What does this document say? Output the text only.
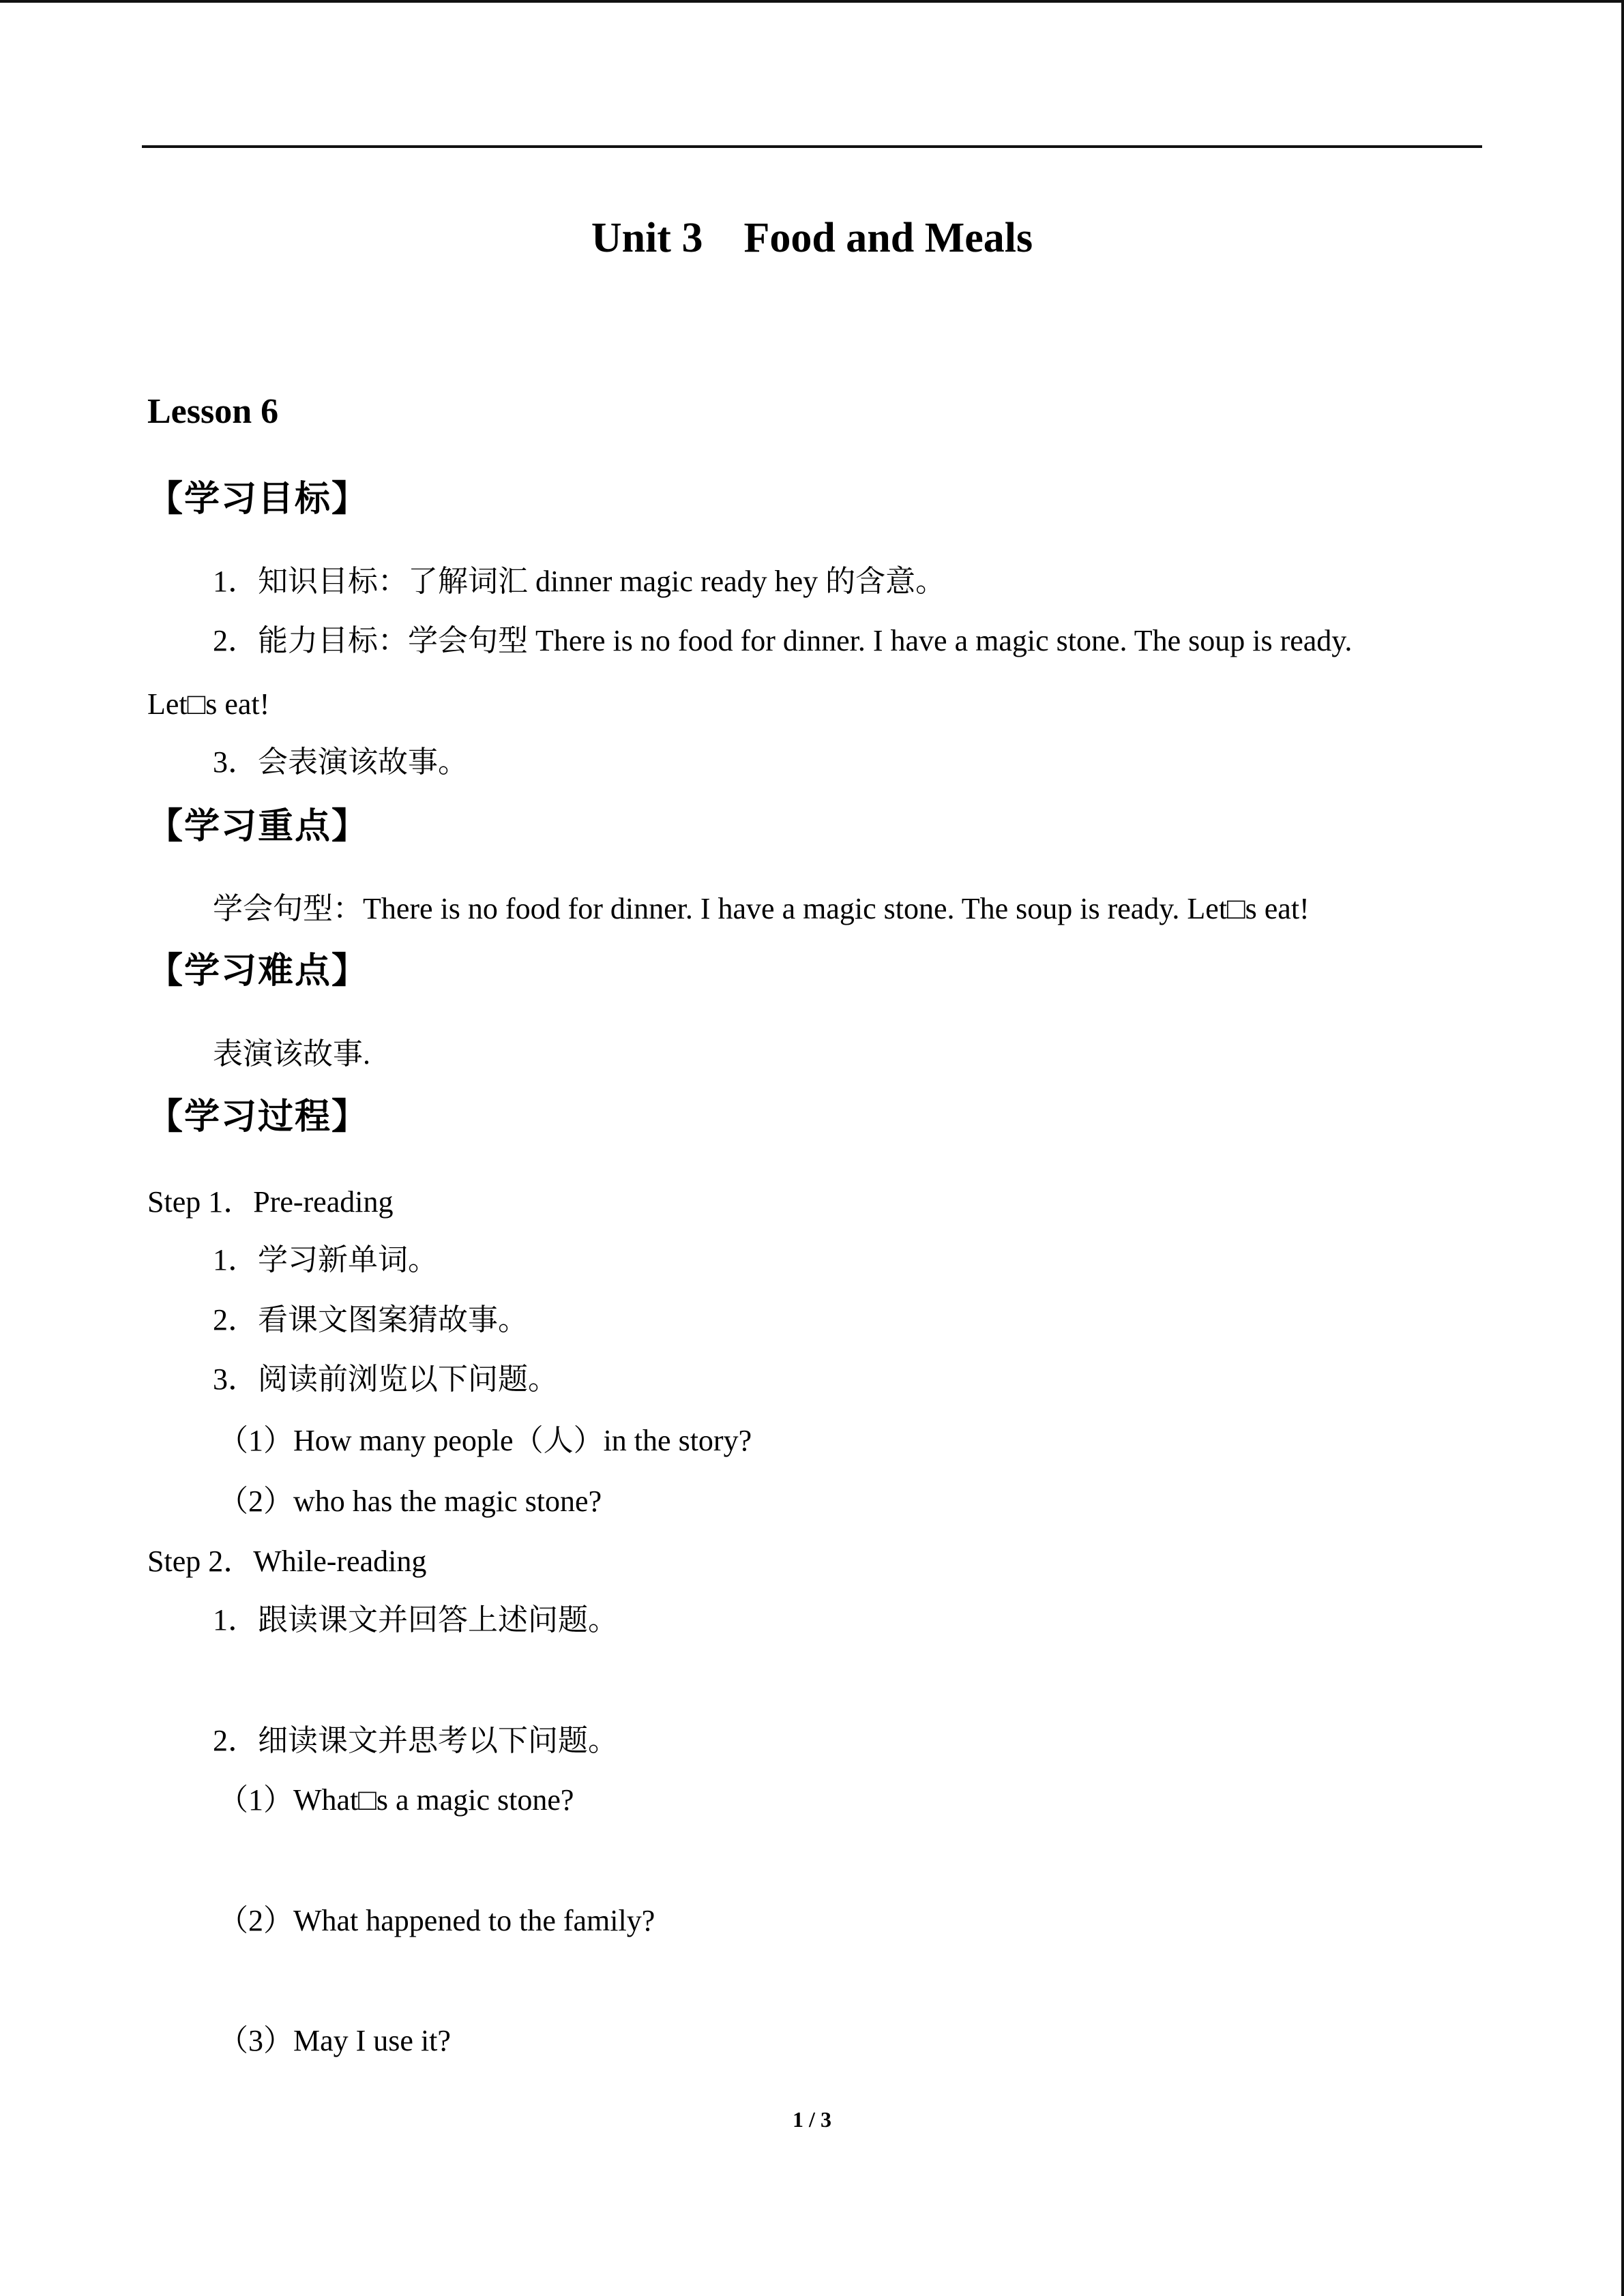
Unit 3 Food and Meals
Lesson 6
【学习目标】
1．知识目标：了解词汇 dinner magic ready hey 的含意。
2．能力目标：学会句型 There is no food for dinner. I have a magic stone. The soup is ready.
Let□s eat!
3．会表演该故事。
【学习重点】
学会句型：There is no food for dinner. I have a magic stone. The soup is ready. Let□s eat!
【学习难点】
表演该故事.
【学习过程】
Step 1．Pre-reading
1．学习新单词。
2．看课文图案猜故事。
3．阅读前浏览以下问题。
（1）How many people（人）in the story?
（2）who has the magic stone?
Step 2．While-reading
1．跟读课文并回答上述问题。
2．细读课文并思考以下问题。
（1）What□s a magic stone?
（2）What happened to the family?
（3）May I use it?
1 / 3
